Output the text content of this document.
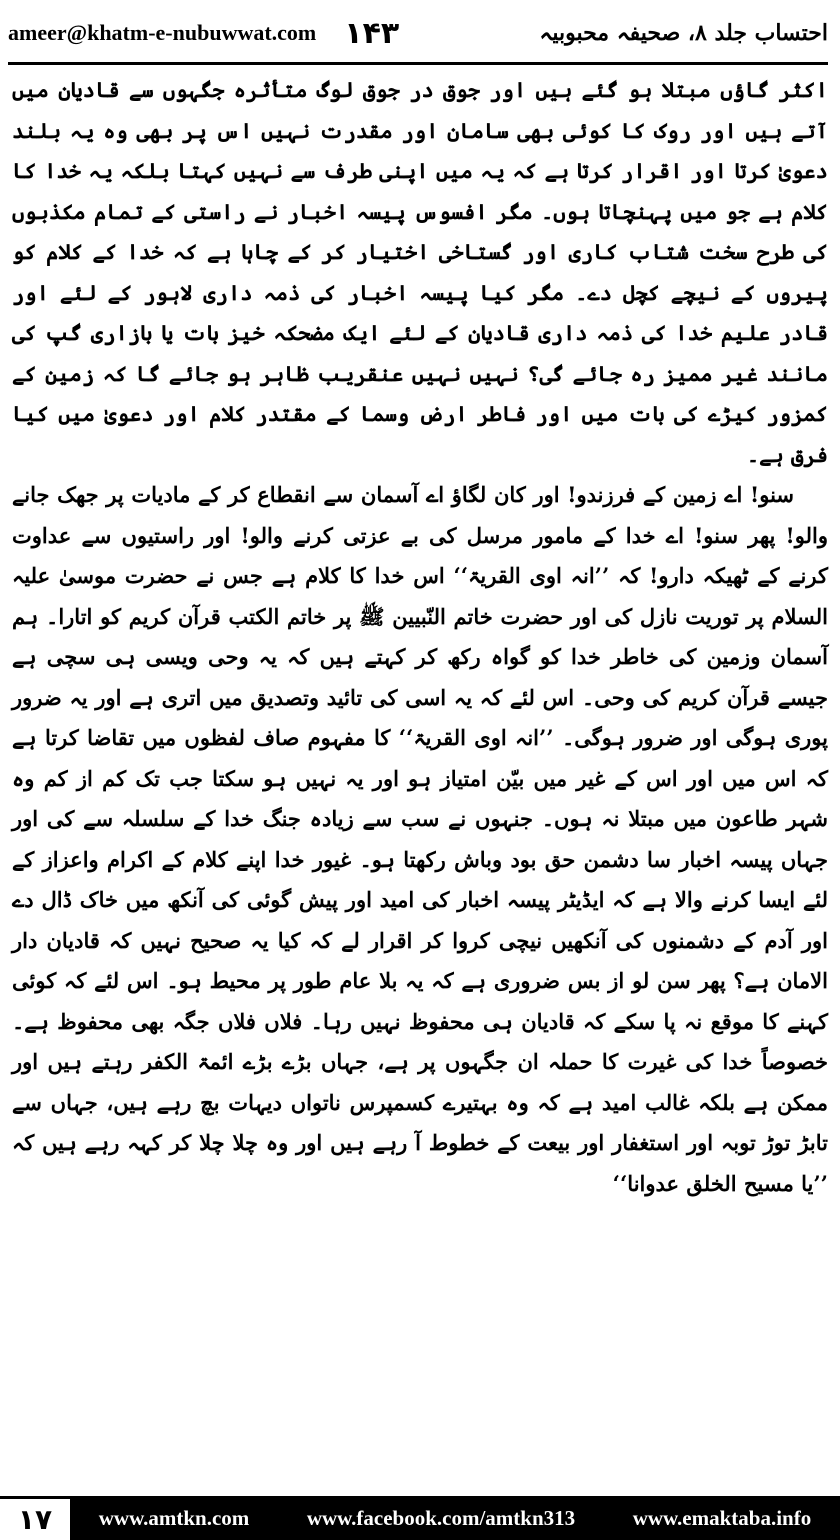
ameer@khatm-e-nubuwwat.com ۱۴۳	احتساب جلد ۸، صحیفہ محبوبیہ

اکثر گاؤں مبتلا ہو گئے ہیں اور جوق در جوق لوگ متأثرہ جگہوں سے قادیان میں آتے ہیں اور روک کا کوئی بھی سامان اور مقدرت نہیں اس پر بھی وہ یہ بلند دعویٰ کرتا اور اقرار کرتا ہے کہ یہ میں اپنی طرف سے نہیں کہتا بلکہ یہ خدا کا کلام ہے جو میں پہنچاتا ہوں۔ مگر افسوس پیسہ اخبار نے راستی کے تمام مکذبوں کی طرح سخت شتاب کاری اور گستاخی اختیار کر کے چاہا ہے کہ خدا کے کلام کو پیروں کے نیچے کچل دے۔ مگر کیا پیسہ اخبار کی ذمہ داری لاہور کے لئے اور قادر علیم خدا کی ذمہ داری قادیان کے لئے ایک مضحکہ خیز بات یا بازاری گپ کی مانند غیر ممیز رہ جائے گی؟ نہیں نہیں عنقریب ظاہر ہو جائے گا کہ زمین کے کمزور کیڑے کی بات میں اور فاطر ارض وسما کے مقتدر کلام اور دعویٰ میں کیا فرق ہے۔

سنو! اے زمین کے فرزندو! اور کان لگاؤ اے آسمان سے انقطاع کر کے مادیات پر جھک جانے والو! پھر سنو! اے خدا کے مامور مرسل کی بے عزتی کرنے والو! اور راستیوں سے عداوت کرنے کے ٹھیکہ دارو! کہ ’’انہ اوی القریۃ‘‘ اس خدا کا کلام ہے جس نے حضرت موسیٰ علیہ السلام پر توریت نازل کی اور حضرت خاتم النّبیین ﷺ پر خاتم الکتب قرآن کریم کو اتارا۔ ہم آسمان وزمین کی خاطر خدا کو گواہ رکھ کر کہتے ہیں کہ یہ وحی ویسی ہی سچی ہے جیسے قرآن کریم کی وحی۔ اس لئے کہ یہ اسی کی تائید وتصدیق میں اتری ہے اور یہ ضرور پوری ہوگی اور ضرور ہوگی۔ ’’انہ اوی القریۃ‘‘ کا مفہوم صاف لفظوں میں تقاضا کرتا ہے کہ اس میں اور اس کے غیر میں بیّن امتیاز ہو اور یہ نہیں ہو سکتا جب تک کم از کم وہ شہر طاعون میں مبتلا نہ ہوں۔ جنہوں نے سب سے زیادہ جنگ خدا کے سلسلہ سے کی اور جہاں پیسہ اخبار سا دشمن حق بود وباش رکھتا ہو۔ غیور خدا اپنے کلام کے اکرام واعزاز کے لئے ایسا کرنے والا ہے کہ ایڈیٹر پیسہ اخبار کی امید اور پیش گوئی کی آنکھ میں خاک ڈال دے اور آدم کے دشمنوں کی آنکھیں نیچی کروا کر اقرار لے کہ کیا یہ صحیح نہیں کہ قادیان دار الامان ہے؟ پھر سن لو از بس ضروری ہے کہ یہ بلا عام طور پر محیط ہو۔ اس لئے کہ کوئی کہنے کا موقع نہ پا سکے کہ قادیان ہی محفوظ نہیں رہا۔ فلاں فلاں جگہ بھی محفوظ ہے۔ خصوصاً خدا کی غیرت کا حملہ ان جگہوں پر ہے، جہاں بڑے بڑے ائمۃ الکفر رہتے ہیں اور ممکن ہے بلکہ غالب امید ہے کہ وہ بہتیرے کسمپرس ناتواں دیہات بچ رہے ہیں، جہاں سے تابڑ توڑ توبہ اور استغفار اور بیعت کے خطوط آ رہے ہیں اور وہ چلا چلا کر کہہ رہے ہیں کہ ’’یا مسیح الخلق عدوانا‘‘

۱۷	www.amtkn.com	www.facebook.com/amtkn313	www.emaktaba.info
